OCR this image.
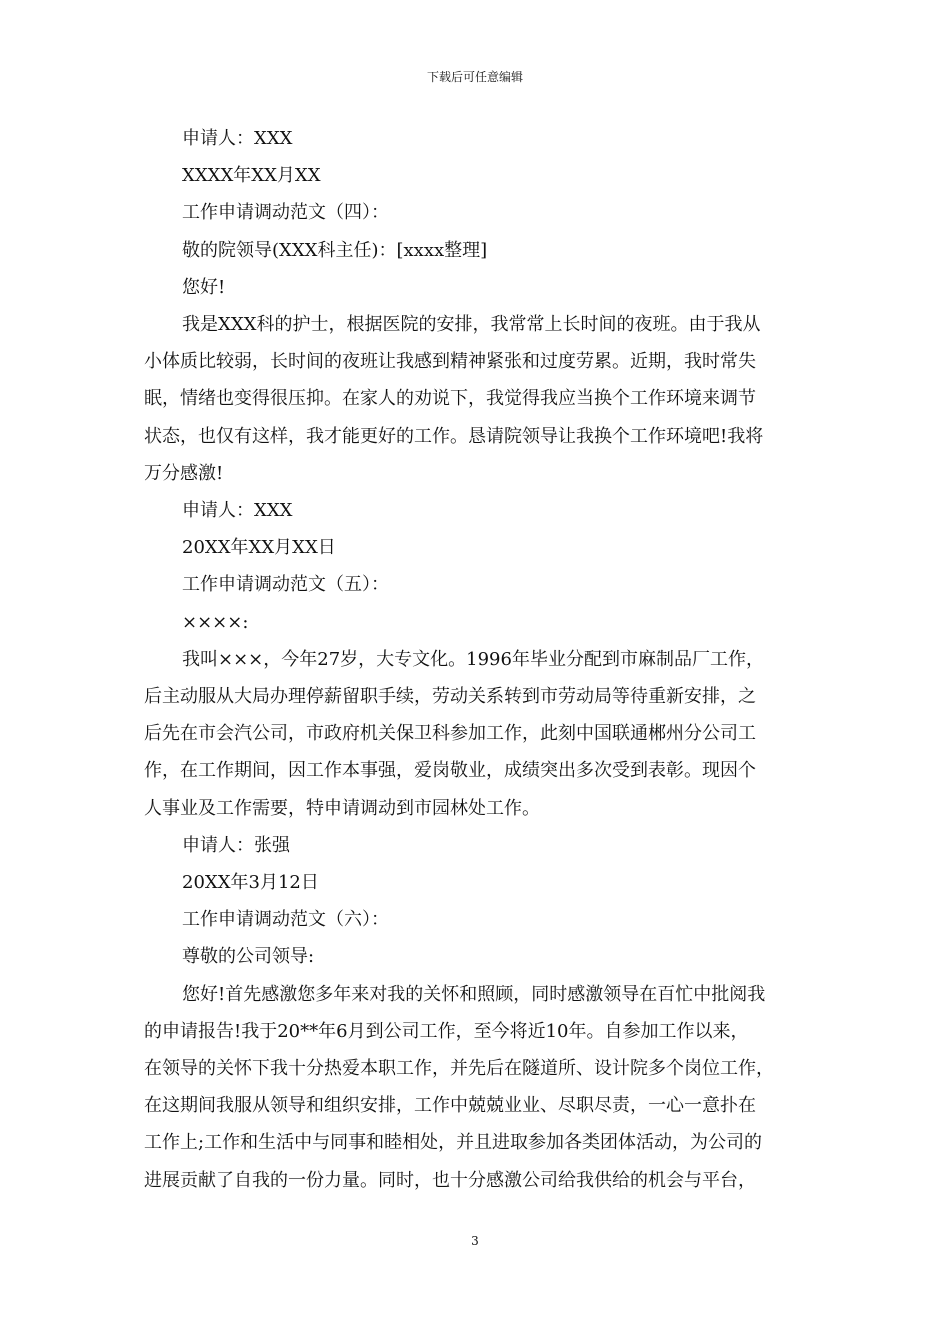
下载后可任意编辑
申请人：XXX
XXXX年XX月XX
工作申请调动范文（四）：
敬的院领导(XXX科主任)：[xxxx整理]
您好!
我是XXX科的护士，根据医院的安排，我常常上长时间的夜班。由于我从
小体质比较弱，长时间的夜班让我感到精神紧张和过度劳累。近期，我时常失
眠，情绪也变得很压抑。在家人的劝说下，我觉得我应当换个工作环境来调节
状态，也仅有这样，我才能更好的工作。恳请院领导让我换个工作环境吧!我将
万分感激!
申请人：XXX
20XX年XX月XX日
工作申请调动范文（五）：
××××:
我叫×××，今年27岁，大专文化。1996年毕业分配到市麻制品厂工作，
后主动服从大局办理停薪留职手续，劳动关系转到市劳动局等待重新安排，之
后先在市会汽公司，市政府机关保卫科参加工作，此刻中国联通郴州分公司工
作，在工作期间，因工作本事强，爱岗敬业，成绩突出多次受到表彰。现因个
人事业及工作需要，特申请调动到市园林处工作。
申请人：张强
20XX年3月12日
工作申请调动范文（六）：
尊敬的公司领导:
您好!首先感激您多年来对我的关怀和照顾，同时感激领导在百忙中批阅我
的申请报告!我于20**年6月到公司工作，至今将近10年。自参加工作以来，
在领导的关怀下我十分热爱本职工作，并先后在隧道所、设计院多个岗位工作，
在这期间我服从领导和组织安排，工作中兢兢业业、尽职尽责，一心一意扑在
工作上;工作和生活中与同事和睦相处，并且进取参加各类团体活动，为公司的
进展贡献了自我的一份力量。同时，也十分感激公司给我供给的机会与平台，
3
